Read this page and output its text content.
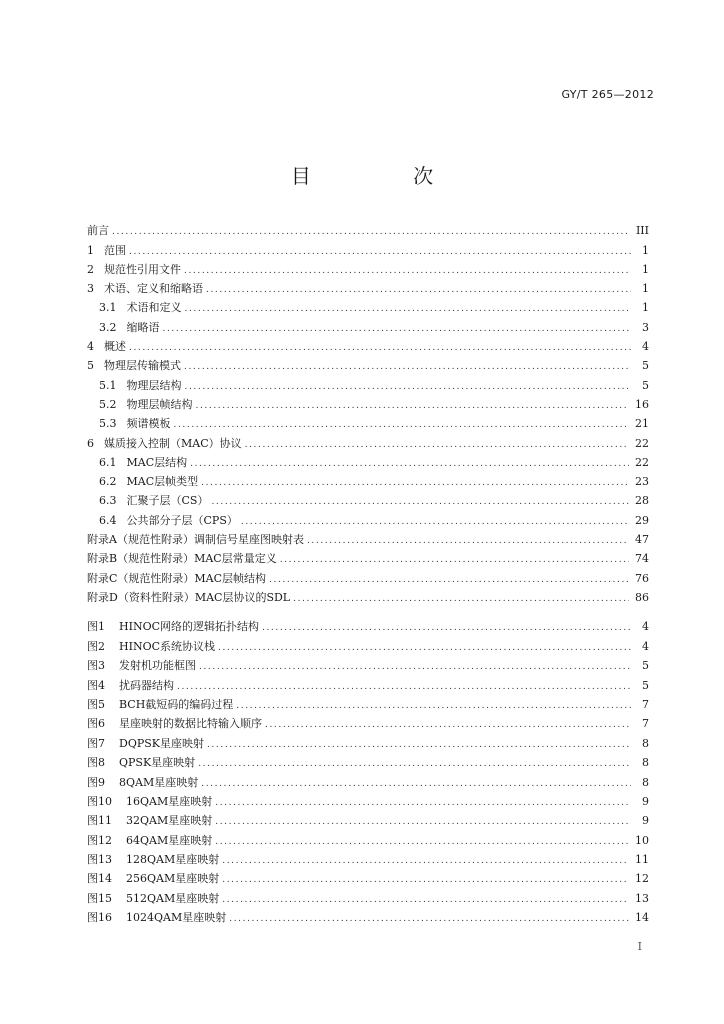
GY/T 265—2012
目 次
前言 .....	III
1 范围 .....	1
2 规范性引用文件 .....	1
3 术语、定义和缩略语 .....	1
3.1 术语和定义 .....	1
3.2 缩略语 .....	3
4 概述 .....	4
5 物理层传输模式 .....	5
5.1 物理层结构 .....	5
5.2 物理层帧结构 .....	16
5.3 频谱模板 .....	21
6 媒质接入控制（MAC）协议 .....	22
6.1 MAC层结构 .....	22
6.2 MAC层帧类型 .....	23
6.3 汇聚子层（CS） .....	28
6.4 公共部分子层（CPS） .....	29
附录A（规范性附录）调制信号星座图映射表 .....	47
附录B（规范性附录）MAC层常量定义 .....	74
附录C（规范性附录）MAC层帧结构 .....	76
附录D（资料性附录）MAC层协议的SDL .....	86
图1 HINOC网络的逻辑拓扑结构 .....	4
图2 HINOC系统协议栈 .....	4
图3 发射机功能框图 .....	5
图4 扰码器结构 .....	5
图5 BCH截短码的编码过程 .....	7
图6 星座映射的数据比特输入顺序 .....	7
图7 DQPSK星座映射 .....	8
图8 QPSK星座映射 .....	8
图9 8QAM星座映射 .....	8
图10 16QAM星座映射 .....	9
图11 32QAM星座映射 .....	9
图12 64QAM星座映射 .....	10
图13 128QAM星座映射 .....	11
图14 256QAM星座映射 .....	12
图15 512QAM星座映射 .....	13
图16 1024QAM星座映射 .....	14
I
